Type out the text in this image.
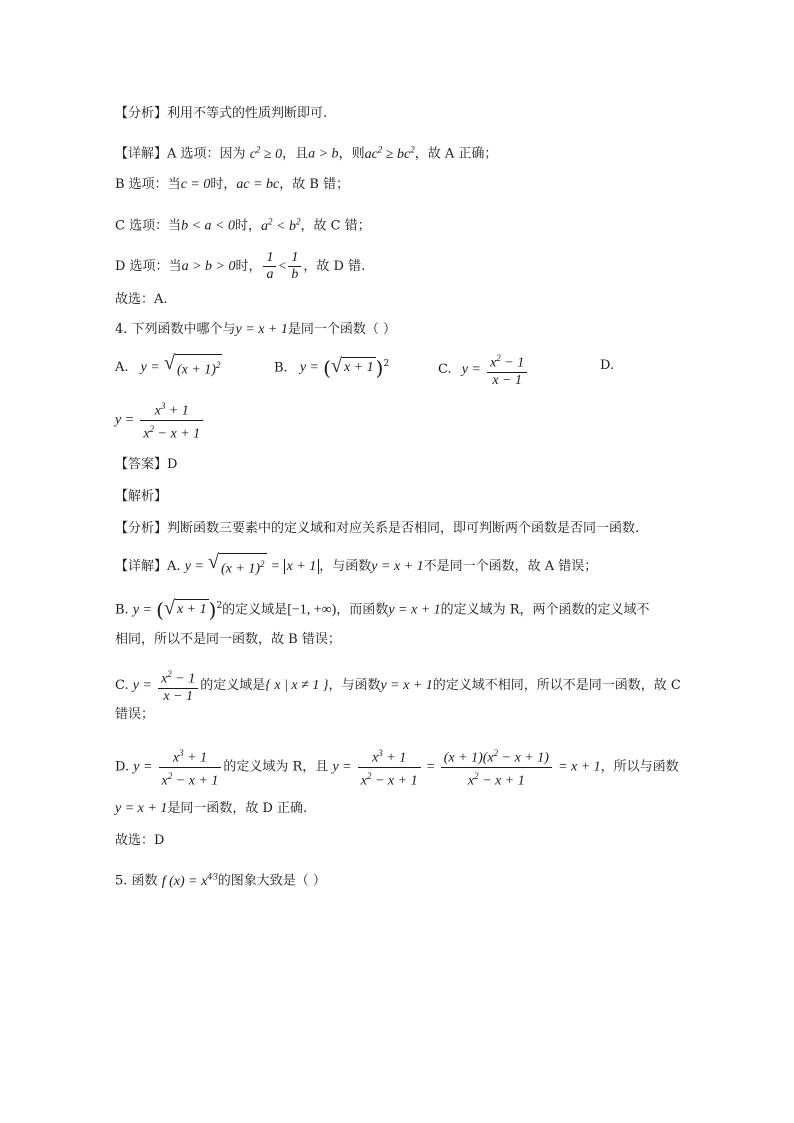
【分析】利用不等式的性质判断即可.
【详解】A 选项：因为 $c^2 \ge 0$，且a > b，则$ac^2 \ge bc^2$，故 A 正确；
B 选项：当c = 0时，ac = bc，故 B 错；
C 选项：当b < a < 0时，$a^2 < b^2$，故 C 错；
D 选项：当a > b > 0时， $\frac{1}{a} < \frac{1}{b}$ ，故 D 错.
故选：A.
4. 下列函数中哪个与y = x + 1是同一个函数（ ）
A. y = √ $(x + 1)^2$	B. y = ( √ x + 1 )$^2$	C. $y = \frac{x^2 - 1}{x - 1}$	D.
$y = \frac{x^3 + 1}{x^2 - x + 1}$
【答案】D
【解析】
【分析】判断函数三要素中的定义域和对应关系是否相同，即可判断两个函数是否同一函数.
【详解】A. y = √ $(x + 1)^2 = x + 1$ ，与函数y = x + 1不是同一个函数，故 A 错误；
B. y = ( √ x + 1 )$^2$的定义域是[−1, +∞)，而函数y = x + 1的定义域为 R，两个函数的定义域不
相同，所以不是同一函数，故 B 错误；
C. $y = \frac{x^2 - 1}{x - 1}$ 的定义域是{ x | x ≠ 1 }，与函数y = x + 1的定义域不相同，所以不是同一函数，故 C
错误；
D. $y = \frac{x^3 + 1}{x^2 - x + 1}$ 的定义域为 R，且 $y = \frac{x^3 + 1}{x^2 - x + 1} = \frac{(x + 1)(x^2 - x + 1)}{x^2 - x + 1} = x + 1$，所以与函数
y = x + 1是同一函数，故 D 正确.
故选：D
5. 函数 f $(x) = x^{4⁄3}$的图象大致是（ ）
